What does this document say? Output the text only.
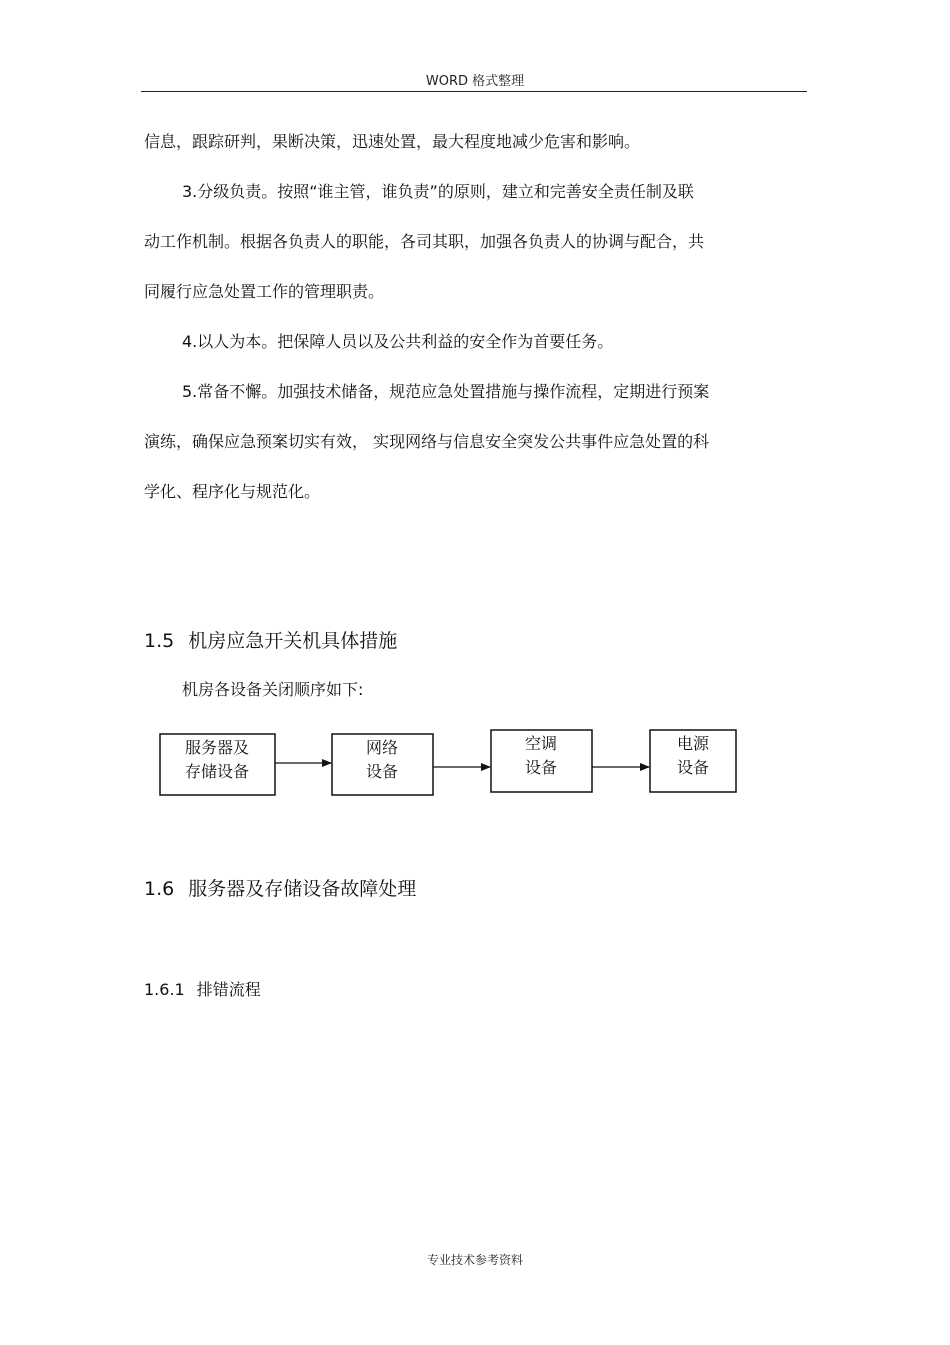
WORD 格式整理
信息，跟踪研判，果断决策，迅速处置，最大程度地减少危害和影响。
3.分级负责。按照“谁主管，谁负责”的原则，建立和完善安全责任制及联
动工作机制。根据各负责人的职能，各司其职，加强各负责人的协调与配合，共
同履行应急处置工作的管理职责。
4.以人为本。把保障人员以及公共利益的安全作为首要任务。
5.常备不懈。加强技术储备，规范应急处置措施与操作流程，定期进行预案
演练，确保应急预案切实有效， 实现网络与信息安全突发公共事件应急处置的科
学化、程序化与规范化。
1.5 机房应急开关机具体措施
机房各设备关闭顺序如下:
服务器及
存储设备
网络
设备
空调
设备
电源
设备
1.6 服务器及存储设备故障处理
1.6.1 排错流程
专业技术参考资料
